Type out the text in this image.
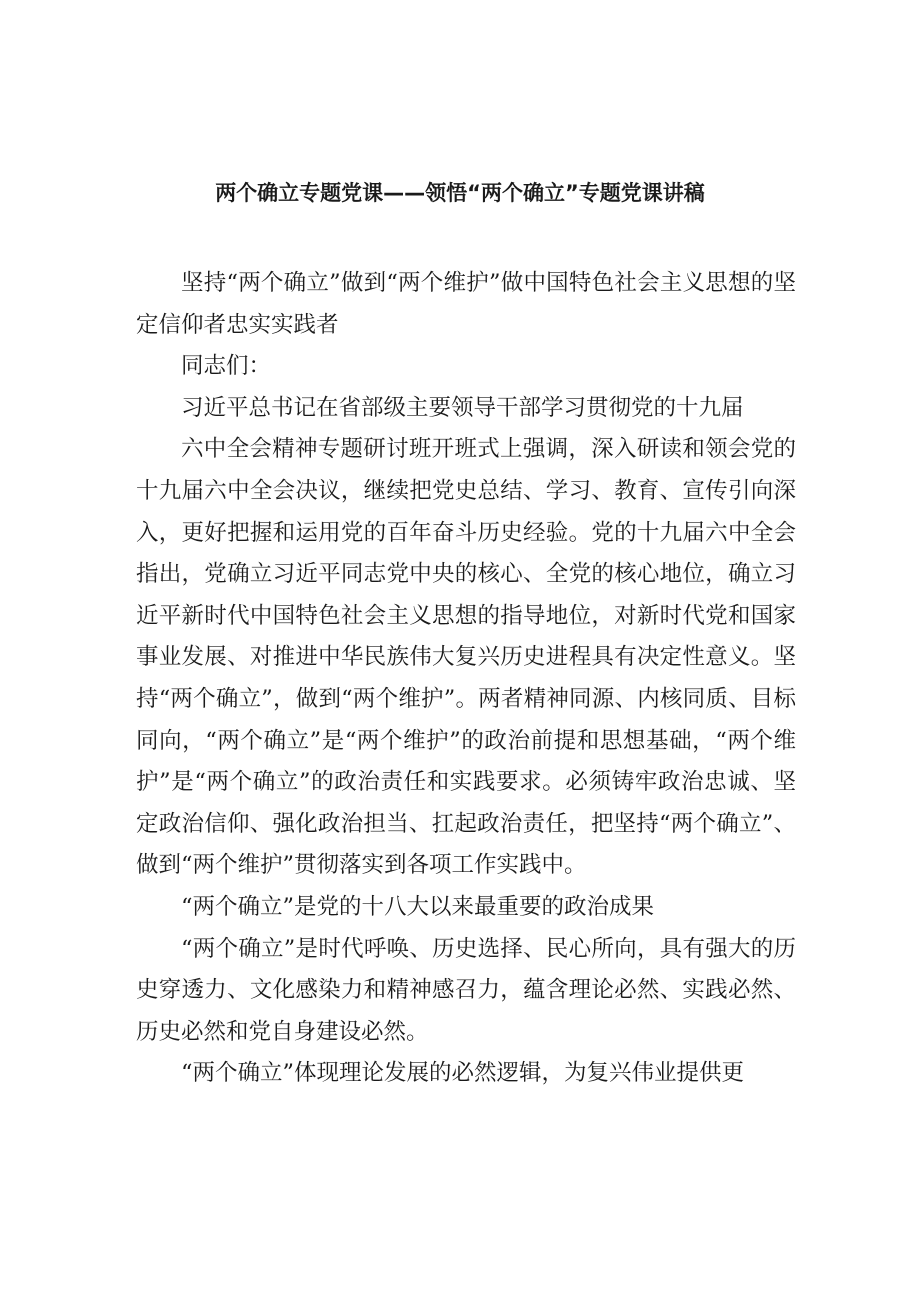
两个确立专题党课——领悟“两个确立”专题党课讲稿

坚持“两个确立”做到“两个维护”做中国特色社会主义思想的坚定信仰者忠实实践者

同志们：

习近平总书记在省部级主要领导干部学习贯彻党的十九届

六中全会精神专题研讨班开班式上强调，深入研读和领会党的十九届六中全会决议，继续把党史总结、学习、教育、宣传引向深入，更好把握和运用党的百年奋斗历史经验。党的十九届六中全会指出，党确立习近平同志党中央的核心、全党的核心地位，确立习近平新时代中国特色社会主义思想的指导地位，对新时代党和国家事业发展、对推进中华民族伟大复兴历史进程具有决定性意义。坚持“两个确立”，做到“两个维护”。两者精神同源、内核同质、目标同向，“两个确立”是“两个维护”的政治前提和思想基础，“两个维护”是“两个确立”的政治责任和实践要求。必须铸牢政治忠诚、坚定政治信仰、强化政治担当、扛起政治责任，把坚持“两个确立”、做到“两个维护”贯彻落实到各项工作实践中。

“两个确立”是党的十八大以来最重要的政治成果

“两个确立”是时代呼唤、历史选择、民心所向，具有强大的历史穿透力、文化感染力和精神感召力，蕴含理论必然、实践必然、历史必然和党自身建设必然。

“两个确立”体现理论发展的必然逻辑，为复兴伟业提供更
